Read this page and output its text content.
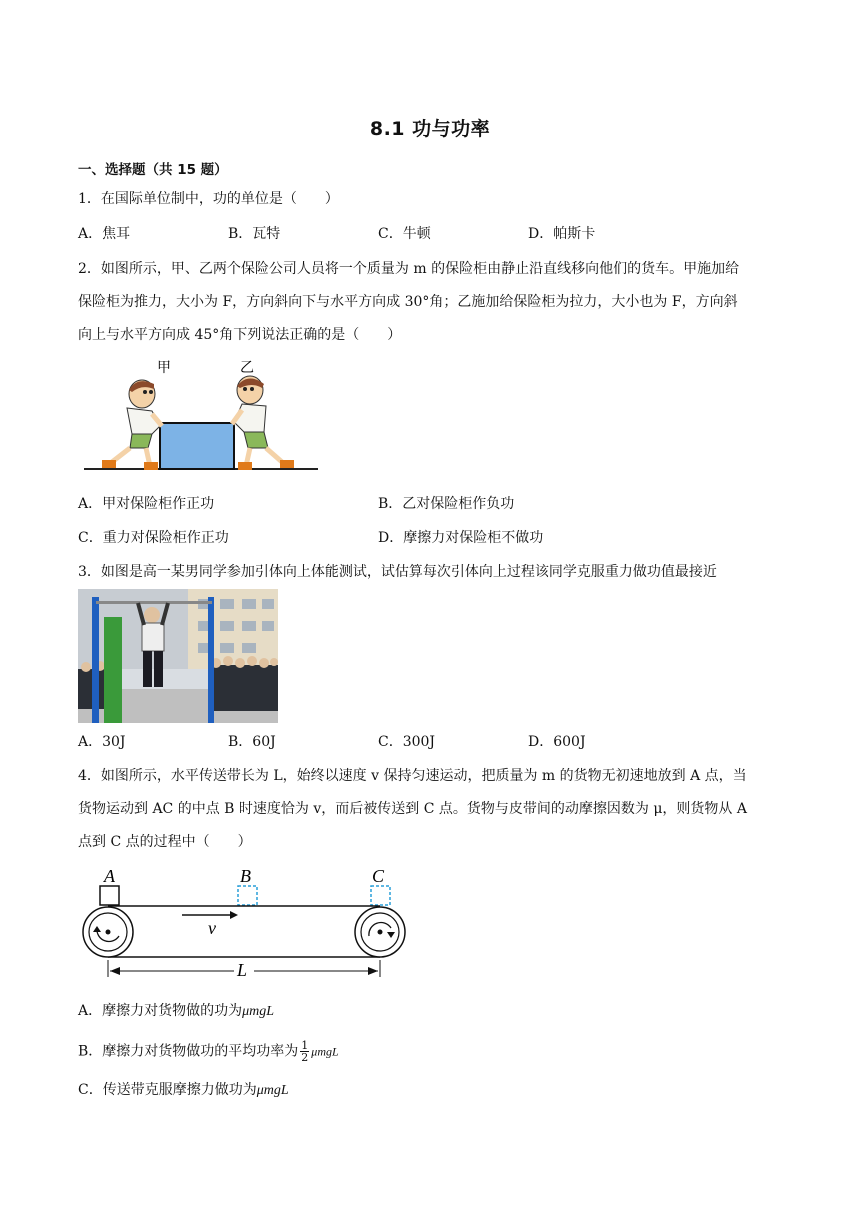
8.1 功与功率
一、选择题（共 15 题）
1．在国际单位制中，功的单位是（　　）
A．焦耳	B．瓦特	C．牛顿	D．帕斯卡
2．如图所示，甲、乙两个保险公司人员将一个质量为 m 的保险柜由静止沿直线移向他们的货车。甲施加给
保险柜为推力，大小为 F，方向斜向下与水平方向成 30°角；乙施加给保险柜为拉力，大小也为 F，方向斜
向上与水平方向成 45°角下列说法正确的是（　　）
甲	乙
A．甲对保险柜作正功	B．乙对保险柜作负功
C．重力对保险柜作正功	D．摩擦力对保险柜不做功
3．如图是高一某男同学参加引体向上体能测试，试估算每次引体向上过程该同学克服重力做功值最接近
A．30J	B．60J	C．300J	D．600J
4．如图所示，水平传送带长为 L，始终以速度 v 保持匀速运动，把质量为 m 的货物无初速地放到 A 点，当
货物运动到 AC 的中点 B 时速度恰为 v，而后被传送到 C 点。货物与皮带间的动摩擦因数为 μ，则货物从 A
点到 C 点的过程中（　　）
A	B	C
v
L
A．摩擦力对货物做的功为μmgL
B．摩擦力对货物做功的平均功率为 $\frac{1}{2}$ μmgL
C．传送带克服摩擦力做功为μmgL
